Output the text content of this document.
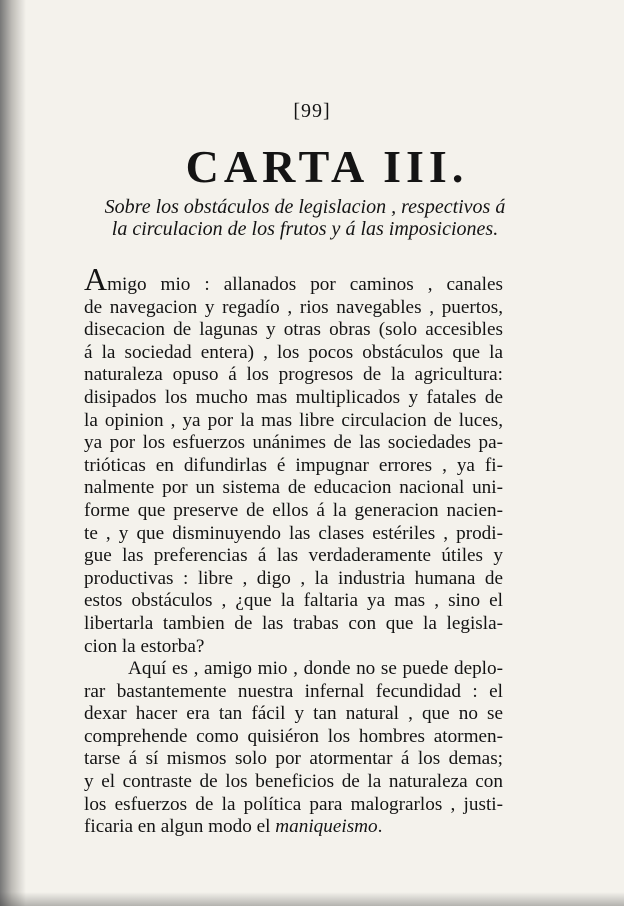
[99]
CARTA III.
Sobre los obstáculos de legislacion , respectivos á la circulacion de los frutos y á las imposiciones.
Amigo mio : allanados por caminos , canales
de navegacion y regadío , rios navegables , puertos,
disecacion de lagunas y otras obras (solo accesibles
á la sociedad entera) , los pocos obstáculos que la
naturaleza opuso á los progresos de la agricultura:
disipados los mucho mas multiplicados y fatales de
la opinion , ya por la mas libre circulacion de luces,
ya por los esfuerzos unánimes de las sociedades pa-
trióticas en difundirlas é impugnar errores , ya fi-
nalmente por un sistema de educacion nacional uni-
forme que preserve de ellos á la generacion nacien-
te , y que disminuyendo las clases estériles , prodi-
gue las preferencias á las verdaderamente útiles y
productivas : libre , digo , la industria humana de
estos obstáculos , ¿que la faltaria ya mas , sino el
libertarla tambien de las trabas con que la legisla-
cion la estorba?
Aquí es , amigo mio , donde no se puede deplo-
rar bastantemente nuestra infernal fecundidad : el
dexar hacer era tan fácil y tan natural , que no se
comprehende como quisiéron los hombres atormen-
tarse á sí mismos solo por atormentar á los demas;
y el contraste de los beneficios de la naturaleza con
los esfuerzos de la política para malograrlos , justi-
ficaria en algun modo el maniqueismo.
